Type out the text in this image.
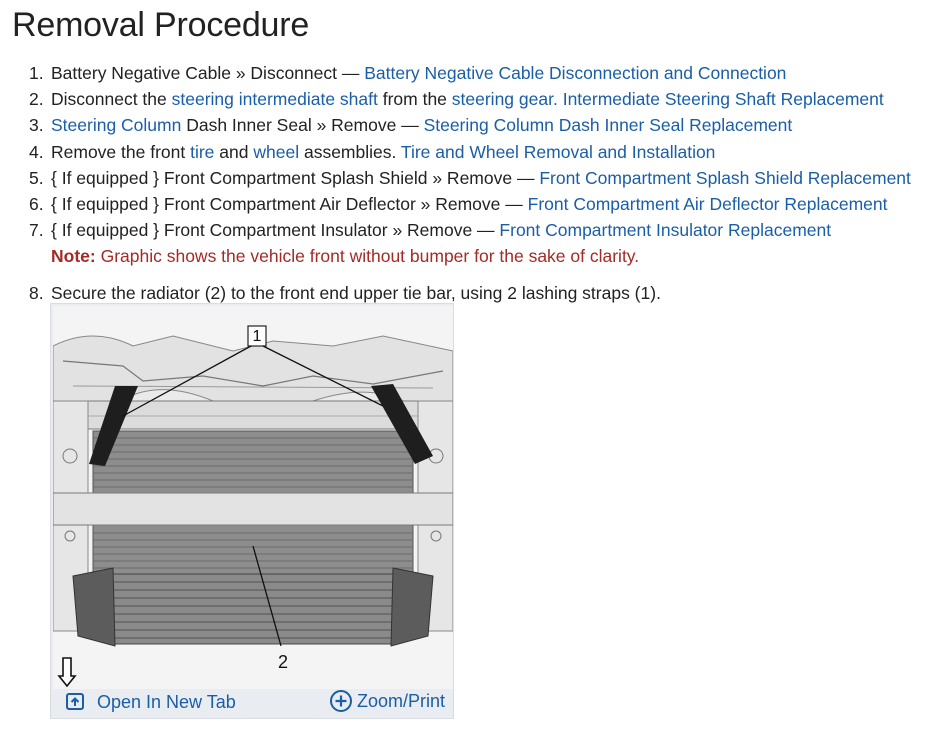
Removal Procedure
1. Battery Negative Cable » Disconnect — Battery Negative Cable Disconnection and Connection
2. Disconnect the steering intermediate shaft from the steering gear. Intermediate Steering Shaft Replacement
3. Steering Column Dash Inner Seal » Remove — Steering Column Dash Inner Seal Replacement
4. Remove the front tire and wheel assemblies. Tire and Wheel Removal and Installation
5. { If equipped } Front Compartment Splash Shield » Remove — Front Compartment Splash Shield Replacement
6. { If equipped } Front Compartment Air Deflector » Remove — Front Compartment Air Deflector Replacement
7. { If equipped } Front Compartment Insulator » Remove — Front Compartment Insulator Replacement
Note: Graphic shows the vehicle front without bumper for the sake of clarity.
8. Secure the radiator (2) to the front end upper tie bar, using 2 lashing straps (1).
1
2
Open In New Tab	Zoom/Print
